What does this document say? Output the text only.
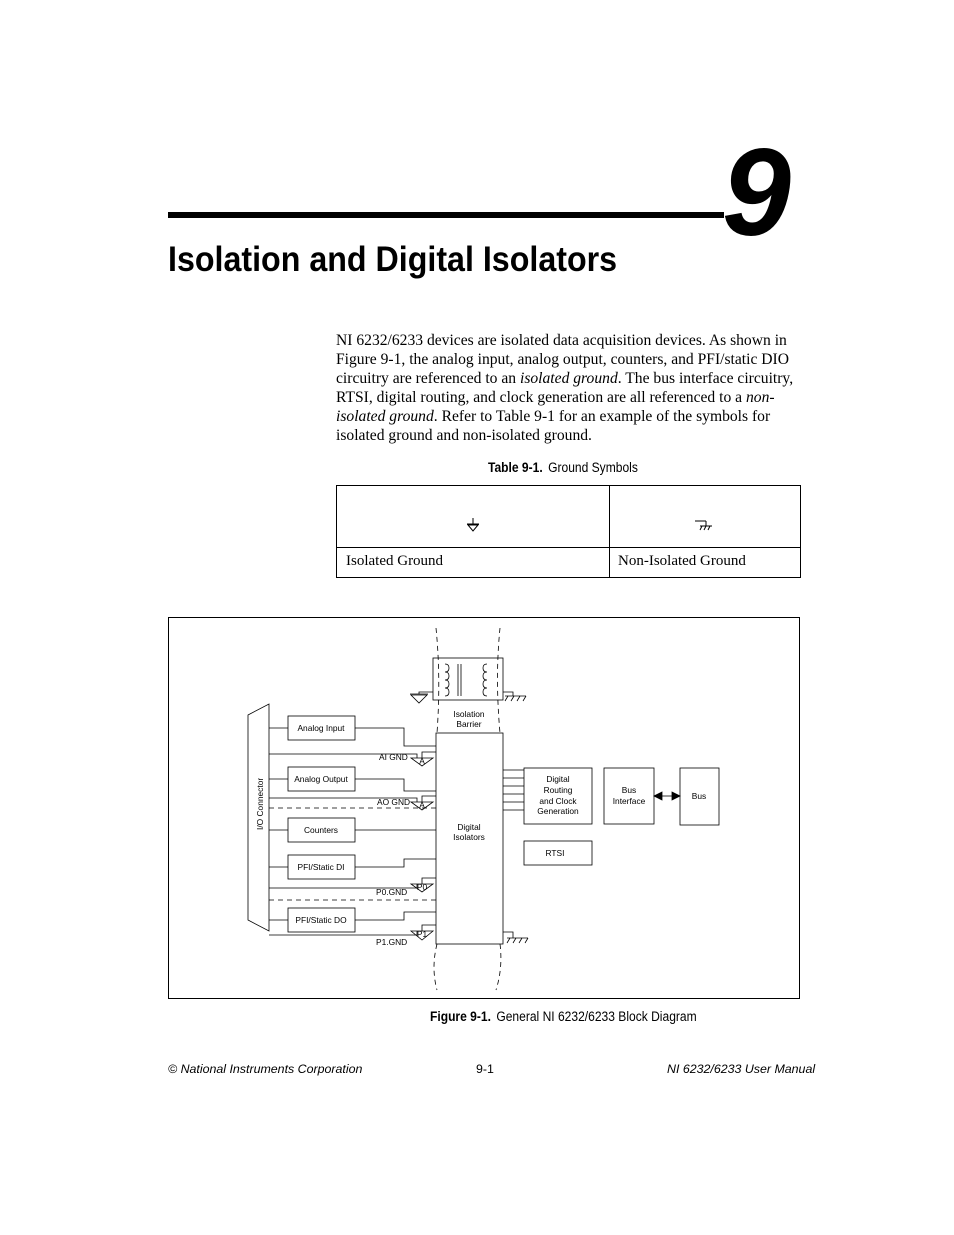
9
Isolation and Digital Isolators

NI 6232/6233 devices are isolated data acquisition devices. As shown in Figure 9-1, the analog input, analog output, counters, and PFI/static DIO circuitry are referenced to an isolated ground. The bus interface circuitry, RTSI, digital routing, and clock generation are all referenced to a non-isolated ground. Refer to Table 9-1 for an example of the symbols for isolated ground and non-isolated ground.

Table 9-1. Ground Symbols
Isolated Ground	Non-Isolated Ground
Isolation
Barrier
I/O Connector
Analog Input
A
AI GND
Analog Output
A
AO GND
Counters
PFI/Static DI
P0
P0.GND
PFI/Static DO
P1
P1.GND
Digital
Isolators
Digital
Routing
and Clock
Generation
RTSI
Bus
Interface	Bus
Figure 9-1. General NI 6232/6233 Block Diagram
© National Instruments Corporation	9-1	NI 6232/6233 User Manual
